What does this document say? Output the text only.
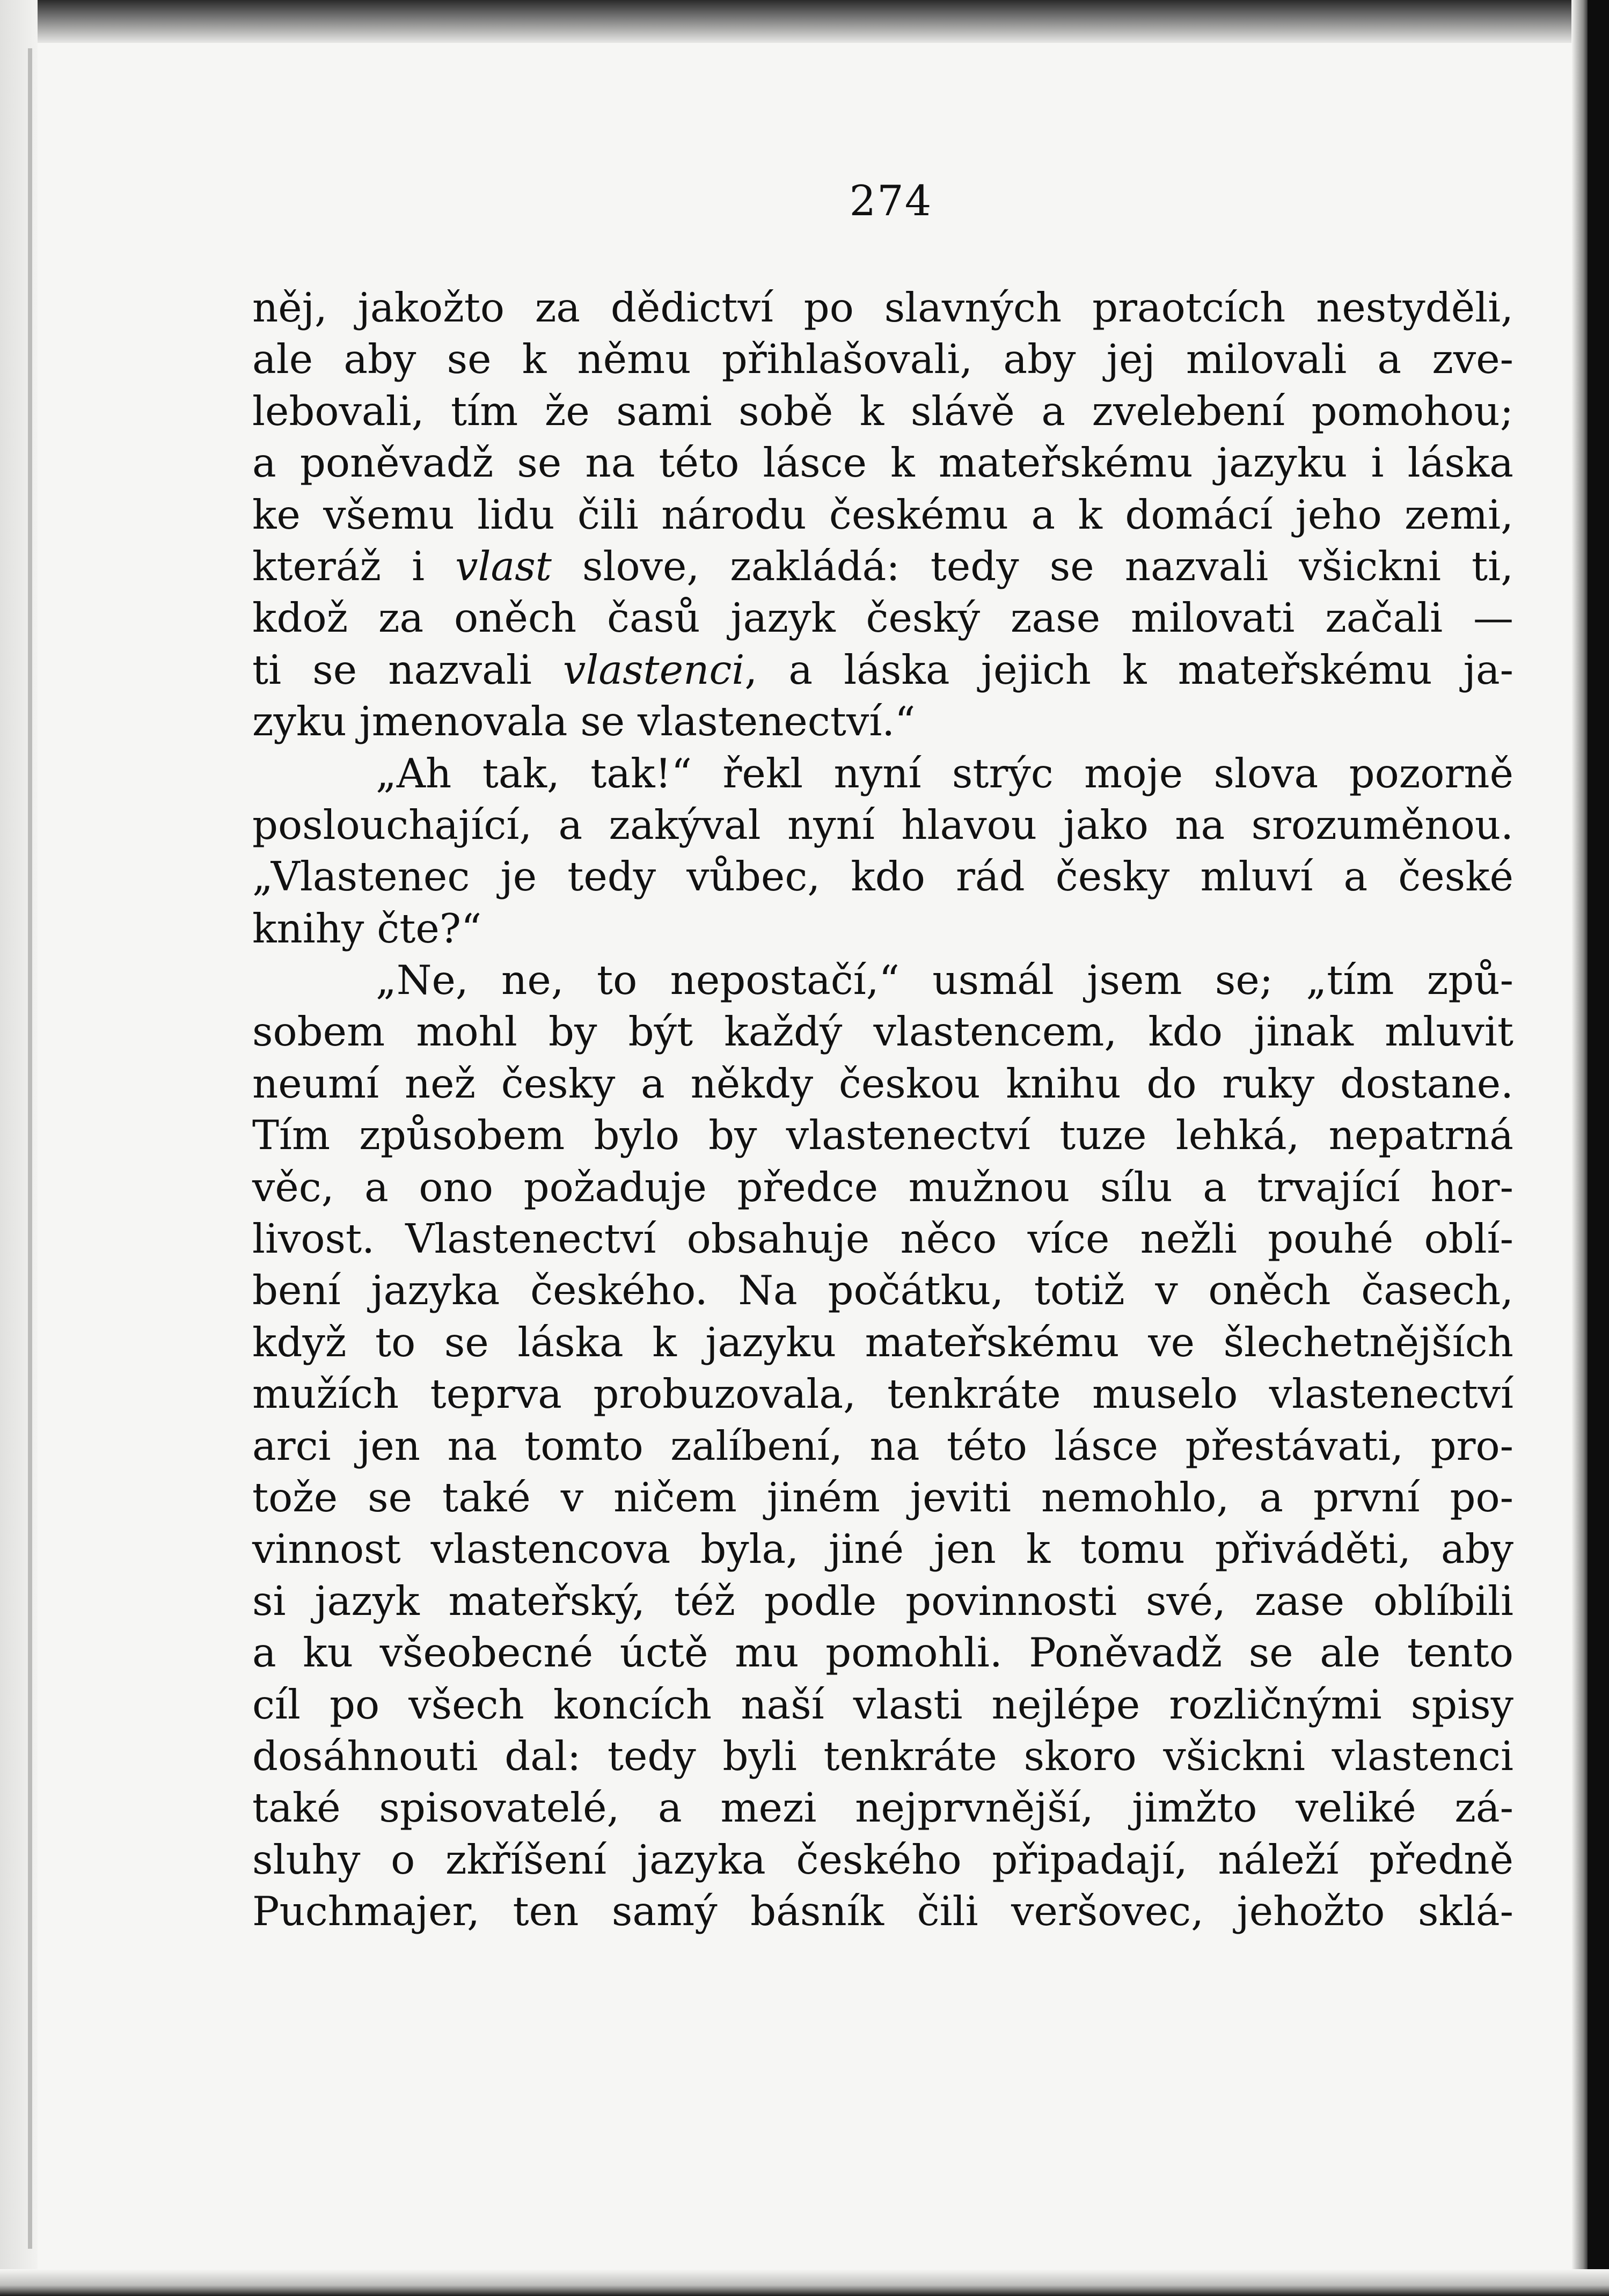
274
něj, jakožto za dědictví po slavných praotcích nestyděli,
ale aby se k němu přihlašovali, aby jej milovali a zve-
lebovali, tím že sami sobě k slávě a zvelebení pomohou;
a poněvadž se na této lásce k mateřskému jazyku i láska
ke všemu lidu čili národu českému a k domácí jeho zemi,
kteráž i vlast slove, zakládá: tedy se nazvali všickni ti,
kdož za oněch časů jazyk český zase milovati začali —
ti se nazvali vlastenci, a láska jejich k mateřskému ja-
zyku jmenovala se vlastenectví.“
„Ah tak, tak!“ řekl nyní strýc moje slova pozorně
poslouchající, a zakýval nyní hlavou jako na srozuměnou.
„Vlastenec je tedy vůbec, kdo rád česky mluví a české
knihy čte?“
„Ne, ne, to nepostačí,“ usmál jsem se; „tím způ-
sobem mohl by být každý vlastencem, kdo jinak mluvit
neumí než česky a někdy českou knihu do ruky dostane.
Tím způsobem bylo by vlastenectví tuze lehká, nepatrná
věc, a ono požaduje předce mužnou sílu a trvající hor-
livost. Vlastenectví obsahuje něco více nežli pouhé oblí-
bení jazyka českého. Na počátku, totiž v oněch časech,
když to se láska k jazyku mateřskému ve šlechetnějších
mužích teprva probuzovala, tenkráte muselo vlastenectví
arci jen na tomto zalíbení, na této lásce přestávati, pro-
tože se také v ničem jiném jeviti nemohlo, a první po-
vinnost vlastencova byla, jiné jen k tomu přiváděti, aby
si jazyk mateřský, též podle povinnosti své, zase oblíbili
a ku všeobecné úctě mu pomohli. Poněvadž se ale tento
cíl po všech koncích naší vlasti nejlépe rozličnými spisy
dosáhnouti dal: tedy byli tenkráte skoro všickni vlastenci
také spisovatelé, a mezi nejprvnější, jimžto veliké zá-
sluhy o zkříšení jazyka českého připadají, náleží předně
Puchmajer, ten samý básník čili veršovec, jehožto sklá-
